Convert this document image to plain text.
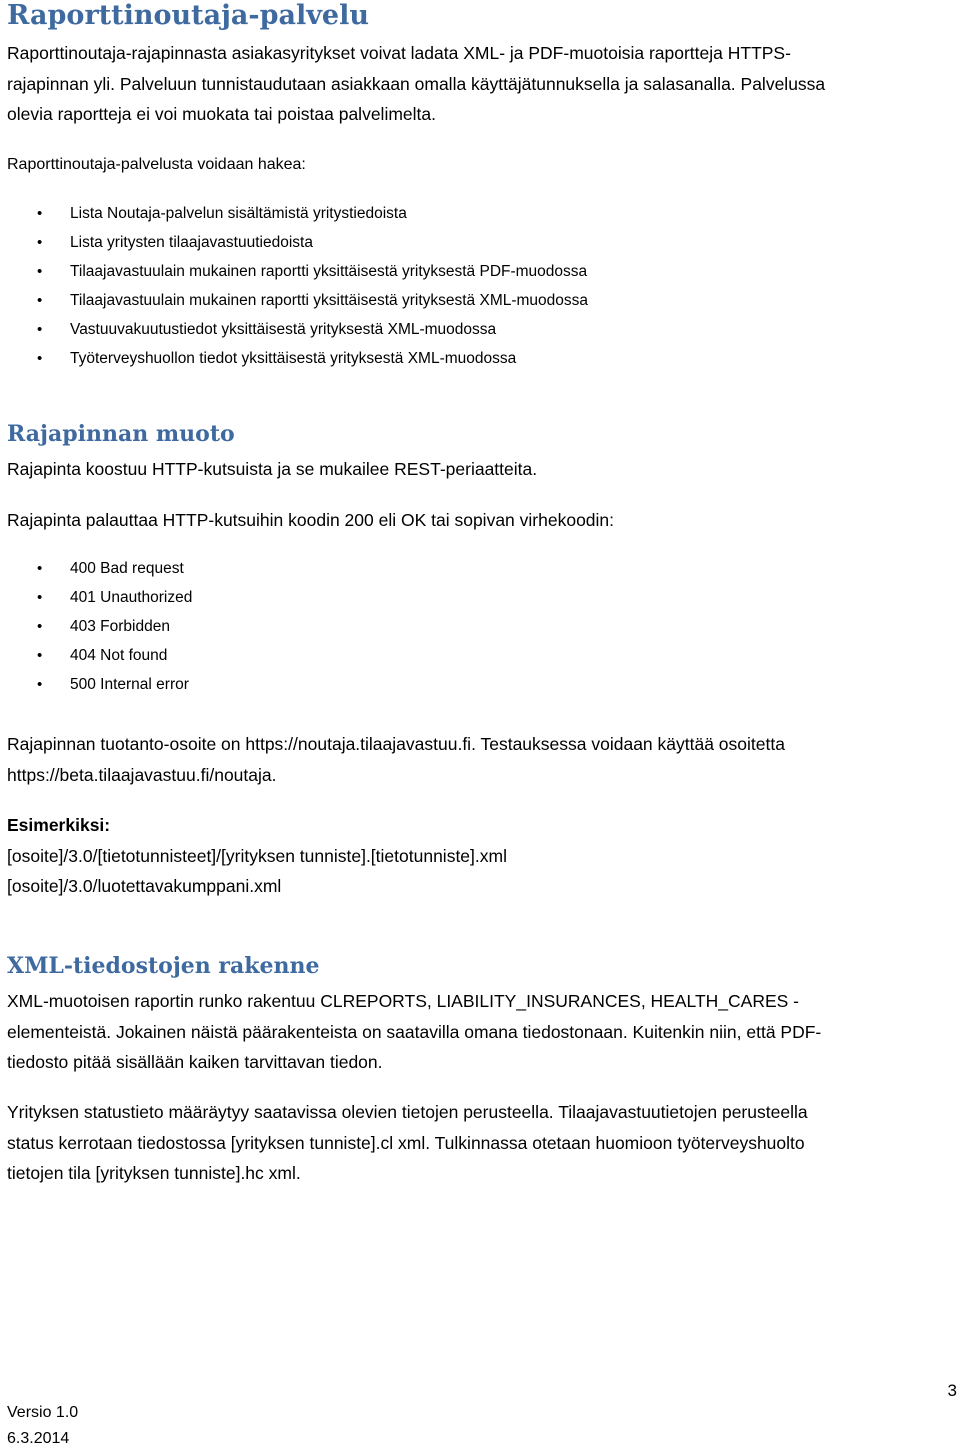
Raporttinoutaja-palvelu

Raporttinoutaja-rajapinnasta asiakasyritykset voivat ladata XML- ja PDF-muotoisia raportteja HTTPS-

rajapinnan yli. Palveluun tunnistaudutaan asiakkaan omalla käyttäjätunnuksella ja salasanalla. Palvelussa

olevia raportteja ei voi muokata tai poistaa palvelimelta.

Raporttinoutaja-palvelusta voidaan hakea:

• Lista Noutaja-palvelun sisältämistä yritystiedoista
• Lista yritysten tilaajavastuutiedoista
• Tilaajavastuulain mukainen raportti yksittäisestä yrityksestä PDF-muodossa
• Tilaajavastuulain mukainen raportti yksittäisestä yrityksestä XML-muodossa
• Vastuuvakuutustiedot yksittäisestä yrityksestä XML-muodossa
• Työterveyshuollon tiedot yksittäisestä yrityksestä XML-muodossa
Rajapinnan muoto

Rajapinta koostuu HTTP-kutsuista ja se mukailee REST-periaatteita.

Rajapinta palauttaa HTTP-kutsuihin koodin 200 eli OK tai sopivan virhekoodin:

• 400 Bad request
• 401 Unauthorized
• 403 Forbidden
• 404 Not found
• 500 Internal error

Rajapinnan tuotanto-osoite on https://noutaja.tilaajavastuu.fi. Testauksessa voidaan käyttää osoitetta

https://beta.tilaajavastuu.fi/noutaja.

Esimerkiksi:

[osoite]/3.0/[tietotunnisteet]/[yrityksen tunniste].[tietotunniste].xml

[osoite]/3.0/luotettavakumppani.xml

XML-tiedostojen rakenne

XML-muotoisen raportin runko rakentuu CLREPORTS, LIABILITY_INSURANCES, HEALTH_CARES -

elementeistä. Jokainen näistä päärakenteista on saatavilla omana tiedostonaan. Kuitenkin niin, että PDF-

tiedosto pitää sisällään kaiken tarvittavan tiedon.

Yrityksen statustieto määräytyy saatavissa olevien tietojen perusteella. Tilaajavastuutietojen perusteella

status kerrotaan tiedostossa [yrityksen tunniste].cl xml. Tulkinnassa otetaan huomioon työterveyshuolto

tietojen tila [yrityksen tunniste].hc xml.

Versio 1.0
6.3.2014
3
